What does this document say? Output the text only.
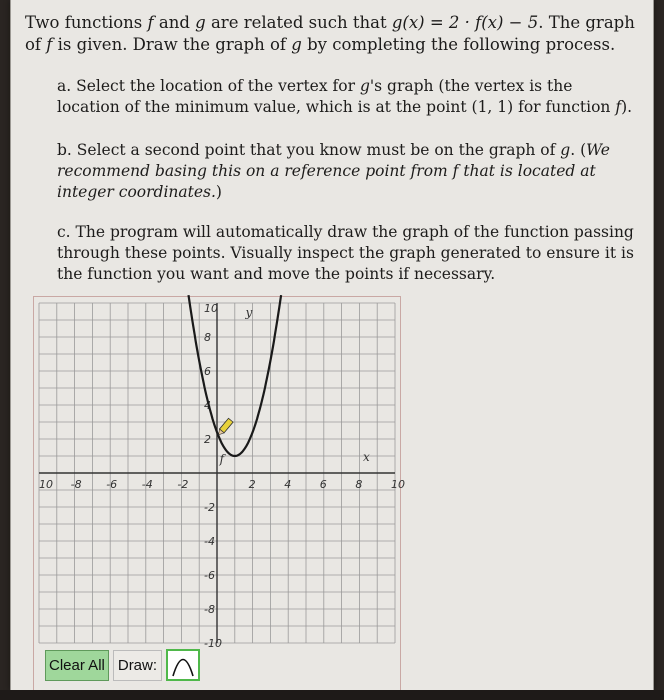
Two functions f and g are related such that g(x) = 2 · f(x) − 5. The graph of f is given. Draw the graph of g by completing the following process.
a. Select the location of the vertex for g's graph (the vertex is the location of the minimum value, which is at the point (1, 1) for function f).
b. Select a second point that you know must be on the graph of g. (We recommend basing this on a reference point from f that is located at integer coordinates.)
c. The program will automatically draw the graph of the function passing through these points. Visually inspect the graph generated to ensure it is the function you want and move the points if necessary.
10 -8 -6 -4 -2	2	4	6	8	10
10
8
6
4
2
-2
-4
-6
-8
-10
x
y
f
Clear All Draw:
